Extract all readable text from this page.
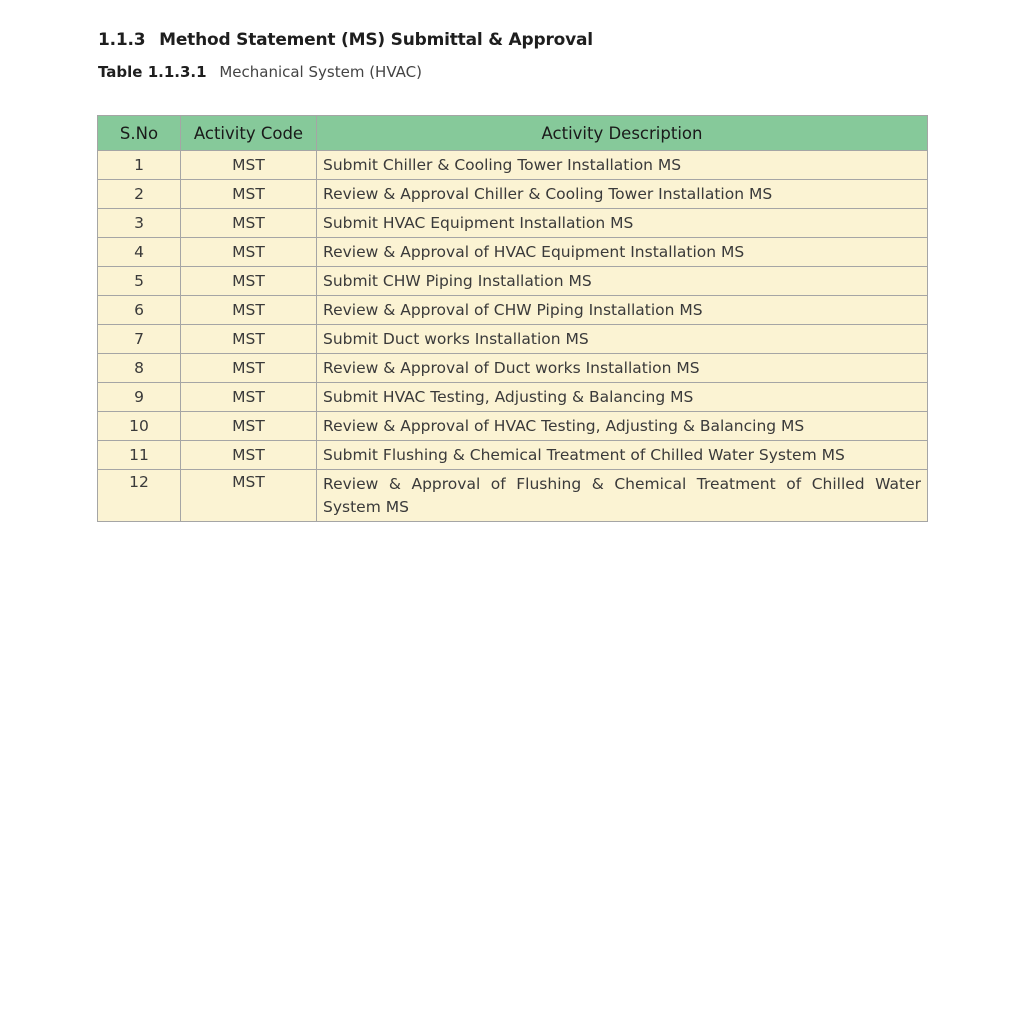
1.1.3 Method Statement (MS) Submittal & Approval
Table 1.1.3.1 Mechanical System (HVAC)
S.No	Activity Code	Activity Description
1	MST	Submit Chiller & Cooling Tower Installation MS
2	MST	Review & Approval Chiller & Cooling Tower Installation MS
3	MST	Submit HVAC Equipment Installation MS
4	MST	Review & Approval of HVAC Equipment Installation MS
5	MST	Submit CHW Piping Installation MS
6	MST	Review & Approval of CHW Piping Installation MS
7	MST	Submit Duct works Installation MS
8	MST	Review & Approval of Duct works Installation MS
9	MST	Submit HVAC Testing, Adjusting & Balancing MS
10	MST	Review & Approval of HVAC Testing, Adjusting & Balancing MS
11	MST	Submit Flushing & Chemical Treatment of Chilled Water System MS
12	MST	Review & Approval of Flushing & Chemical Treatment of Chilled Water System MS
